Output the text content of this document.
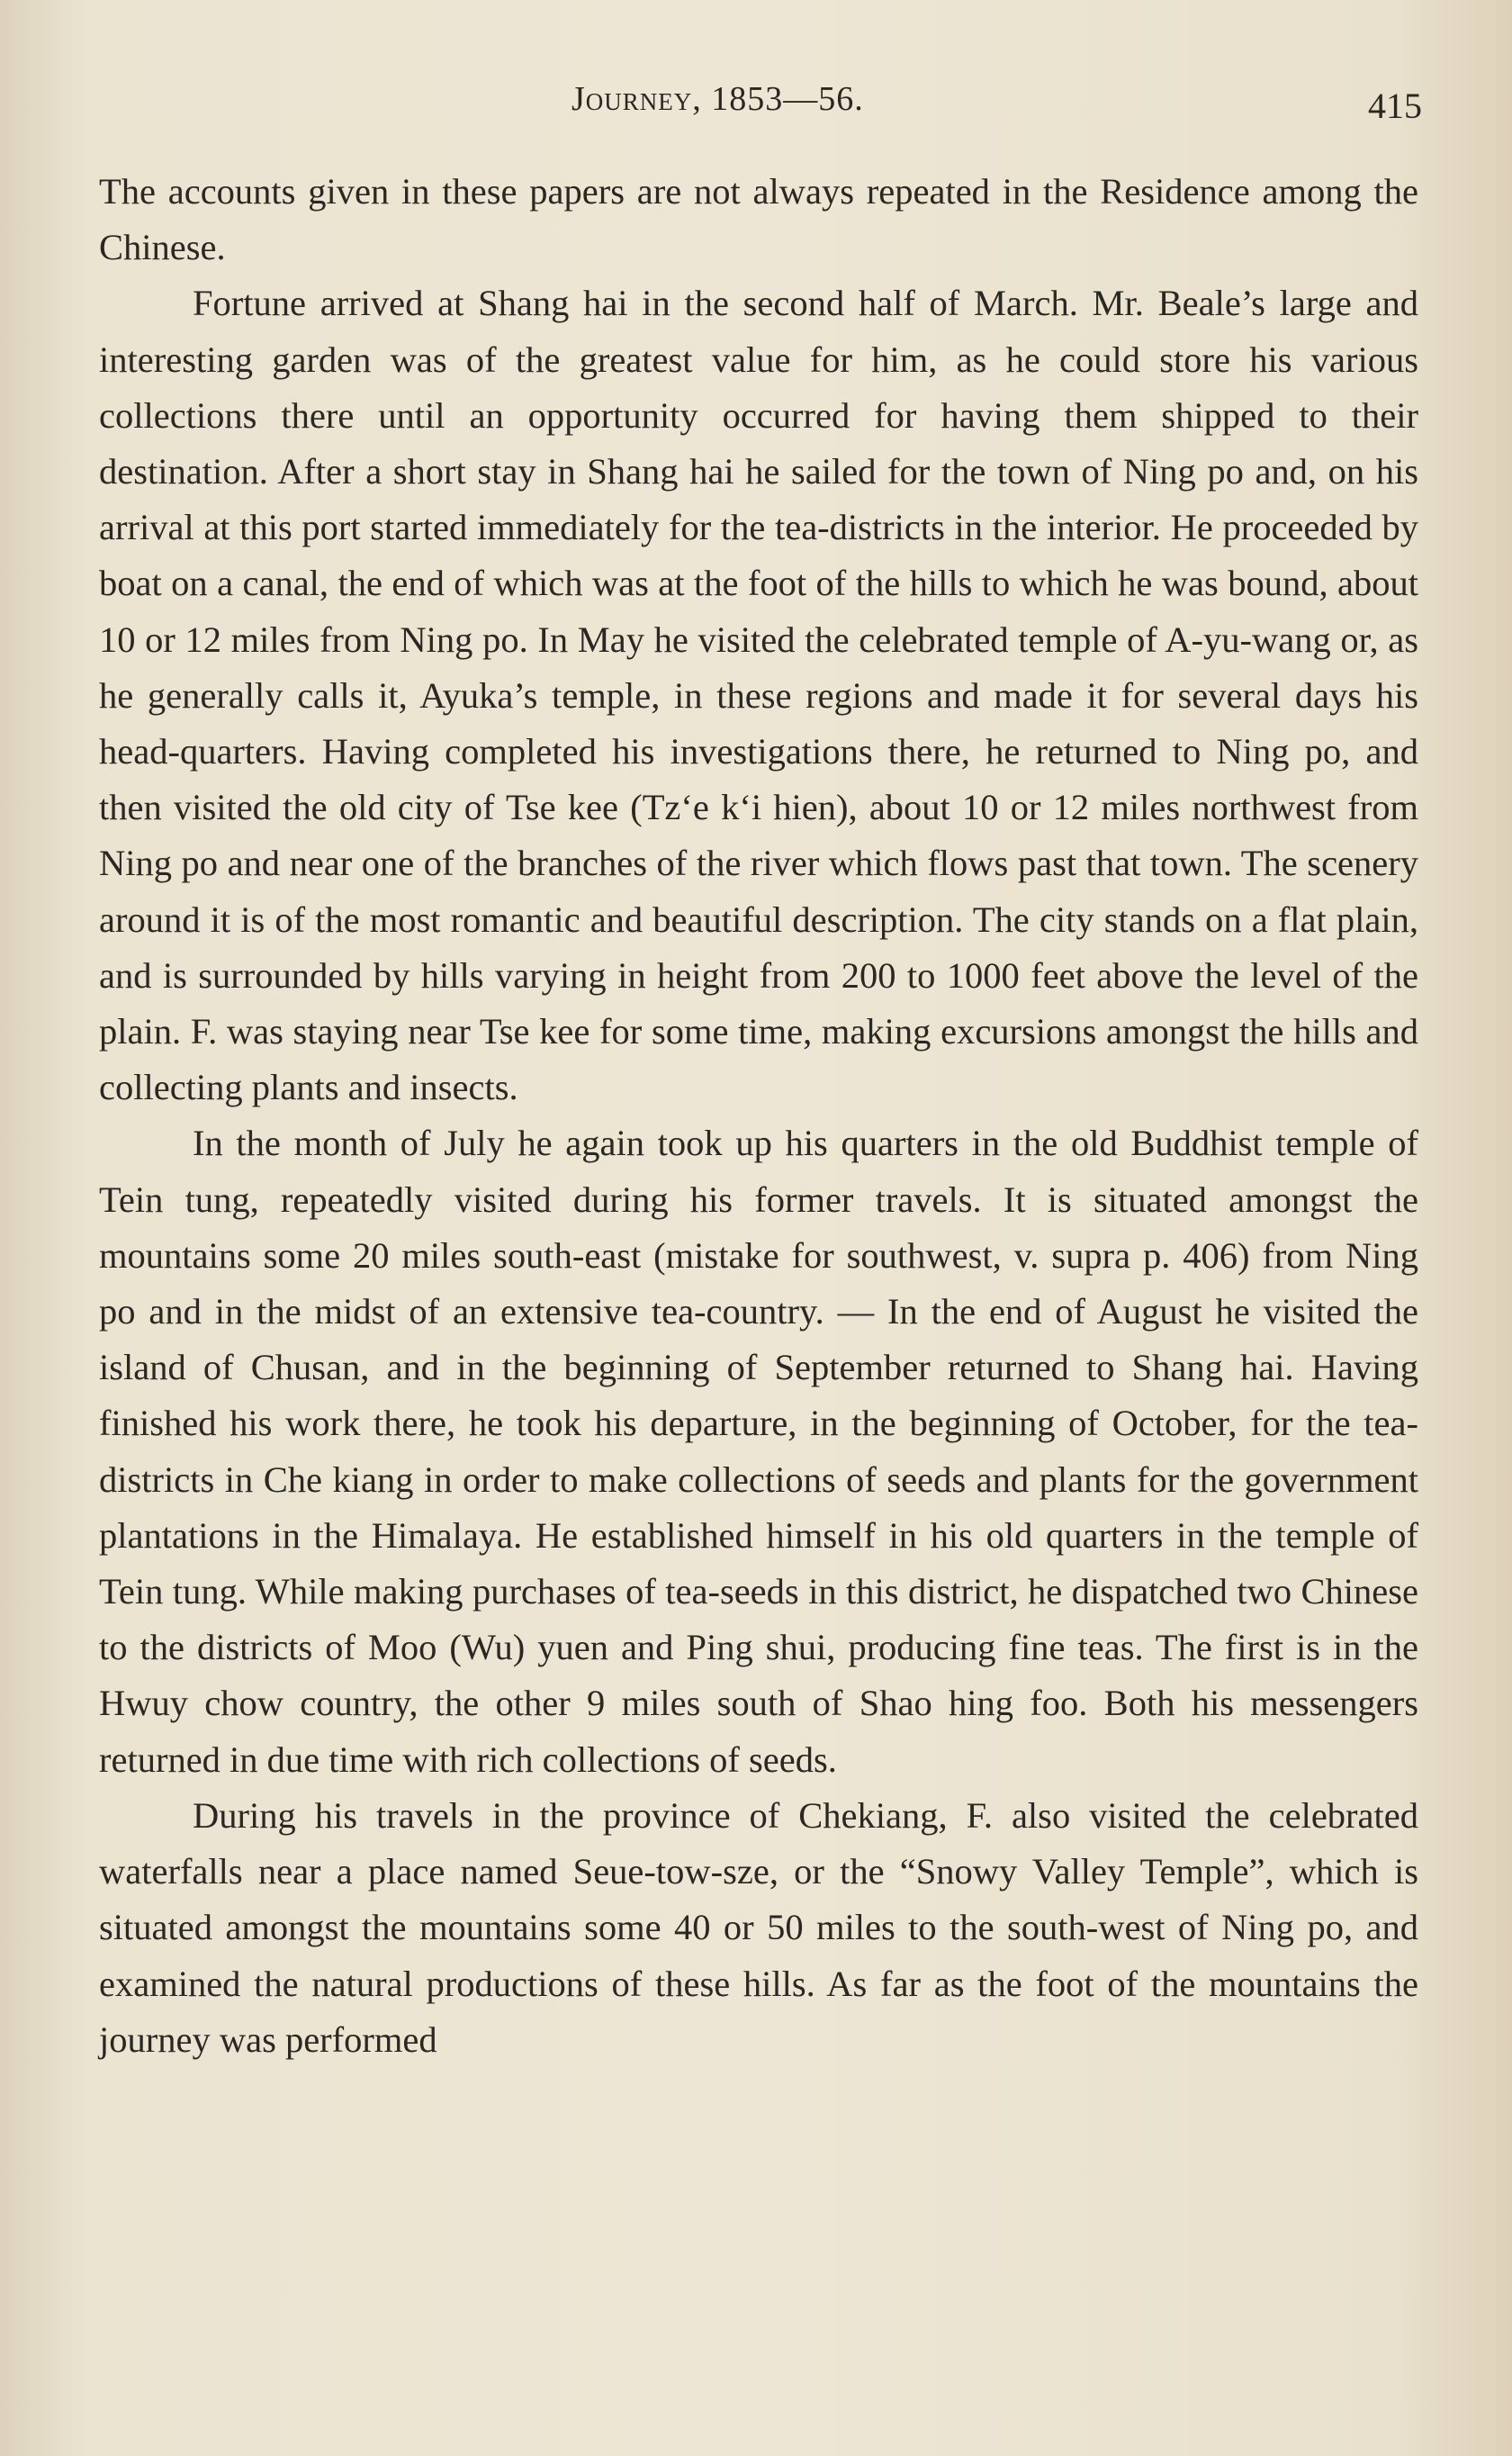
Journey, 1853—56.	415

The accounts given in these papers are not always repeated in the Residence among the Chinese.

Fortune arrived at Shang hai in the second half of March. Mr. Beale’s large and interesting garden was of the greatest value for him, as he could store his various collections there until an opportunity occurred for having them shipped to their destination. After a short stay in Shang hai he sailed for the town of Ning po and, on his arrival at this port started immediately for the tea-districts in the interior. He proceeded by boat on a canal, the end of which was at the foot of the hills to which he was bound, about 10 or 12 miles from Ning po. In May he visited the celebrated temple of A-yu-wang or, as he generally calls it, Ayuka’s temple, in these regions and made it for several days his head-quarters. Having completed his investigations there, he returned to Ning po, and then visited the old city of Tse kee (Tzʻe kʻi hien), about 10 or 12 miles northwest from Ning po and near one of the branches of the river which flows past that town. The scenery around it is of the most romantic and beautiful description. The city stands on a flat plain, and is surrounded by hills varying in height from 200 to 1000 feet above the level of the plain. F. was staying near Tse kee for some time, making excursions amongst the hills and collecting plants and insects.

In the month of July he again took up his quarters in the old Buddhist temple of Tein tung, repeatedly visited during his former travels. It is situated amongst the mountains some 20 miles south-east (mistake for southwest, v. supra p. 406) from Ning po and in the midst of an extensive tea-country. — In the end of August he visited the island of Chusan, and in the beginning of September returned to Shang hai. Having finished his work there, he took his departure, in the beginning of October, for the tea-districts in Che kiang in order to make collections of seeds and plants for the government plantations in the Himalaya. He established himself in his old quarters in the temple of Tein tung. While making purchases of tea-seeds in this district, he dispatched two Chinese to the districts of Moo (Wu) yuen and Ping shui, producing fine teas. The first is in the Hwuy chow country, the other 9 miles south of Shao hing foo. Both his messengers returned in due time with rich collections of seeds.

During his travels in the province of Chekiang, F. also visited the celebrated waterfalls near a place named Seue-tow-sze, or the “Snowy Valley Temple”, which is situated amongst the mountains some 40 or 50 miles to the south-west of Ning po, and examined the natural productions of these hills. As far as the foot of the mountains the journey was performed
